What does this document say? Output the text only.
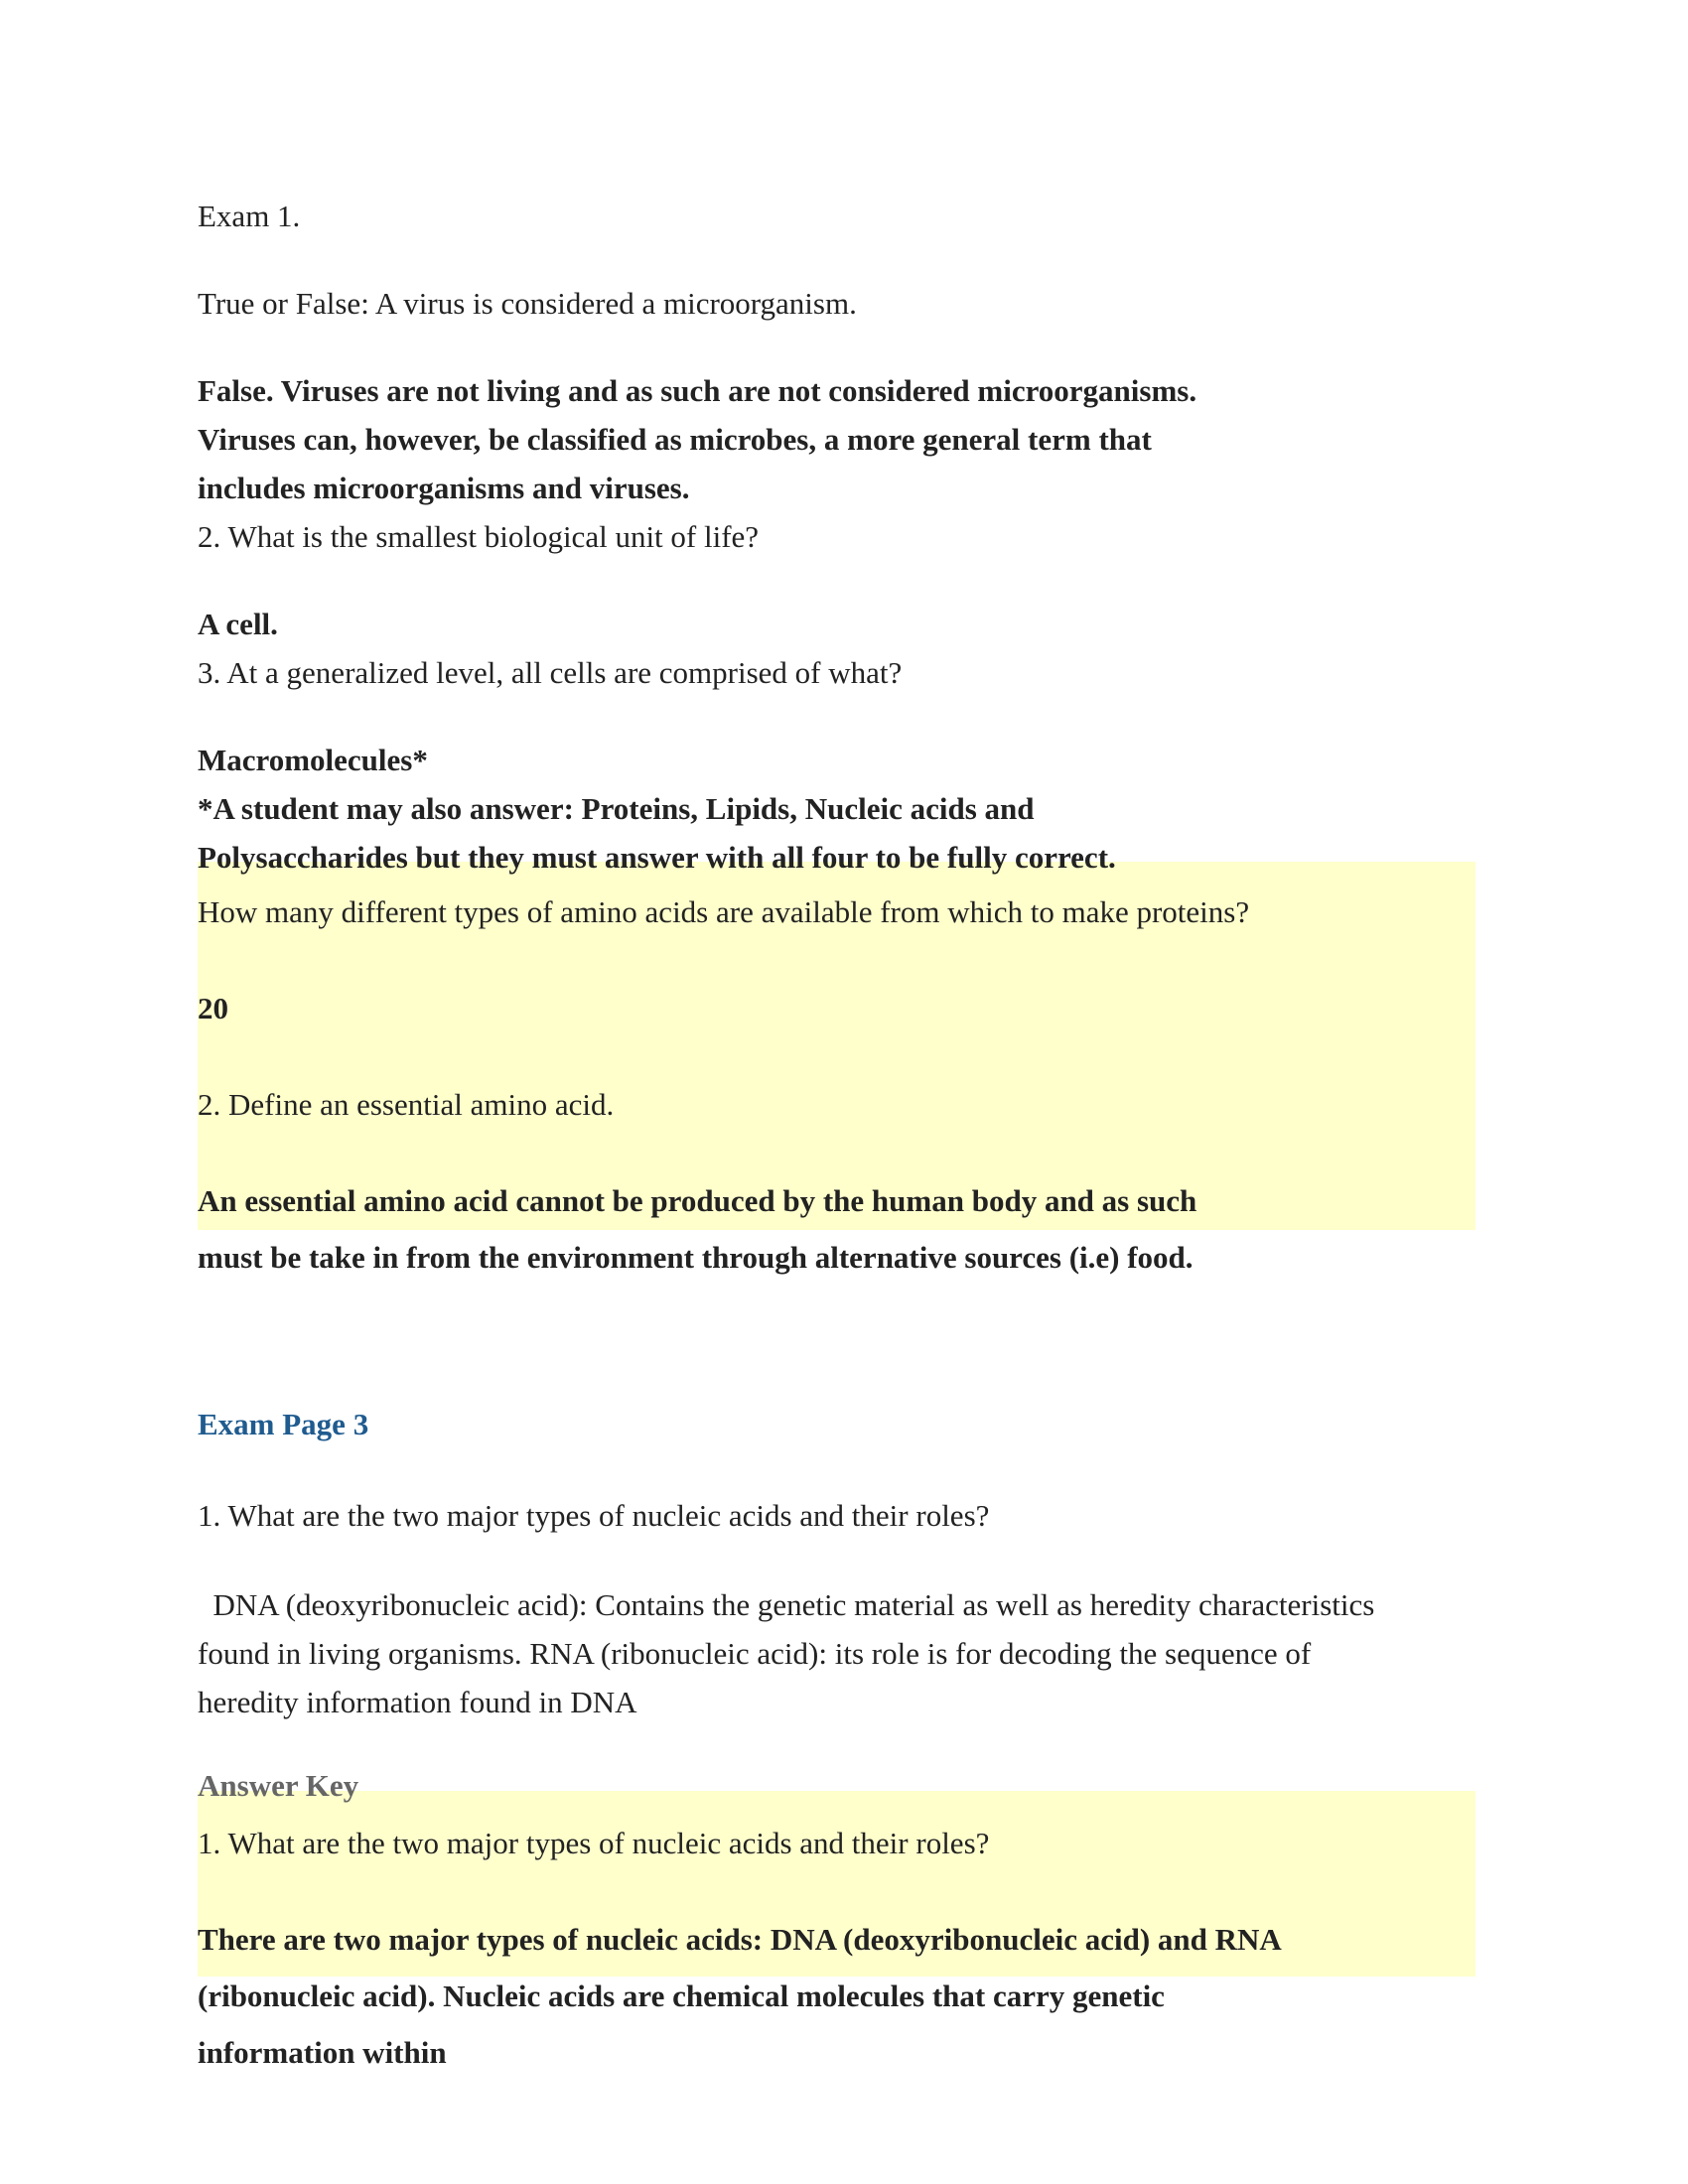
Exam 1.

True or False: A virus is considered a microorganism.

False. Viruses are not living and as such are not considered microorganisms.

Viruses can, however, be classified as microbes, a more general term that

includes microorganisms and viruses.

2. What is the smallest biological unit of life?

A cell.

3. At a generalized level, all cells are comprised of what?

Macromolecules*

*A student may also answer: Proteins, Lipids, Nucleic acids and

Polysaccharides but they must answer with all four to be fully correct.

How many different types of amino acids are available from which to make proteins?

20

2. Define an essential amino acid.

An essential amino acid cannot be produced by the human body and as such

must be take in from the environment through alternative sources (i.e) food.

Exam Page 3

1. What are the two major types of nucleic acids and their roles?

DNA (deoxyribonucleic acid): Contains the genetic material as well as heredity characteristics

found in living organisms. RNA (ribonucleic acid): its role is for decoding the sequence of

heredity information found in DNA

Answer Key

1. What are the two major types of nucleic acids and their roles?

There are two major types of nucleic acids: DNA (deoxyribonucleic acid) and RNA

(ribonucleic acid). Nucleic acids are chemical molecules that carry genetic

information within
